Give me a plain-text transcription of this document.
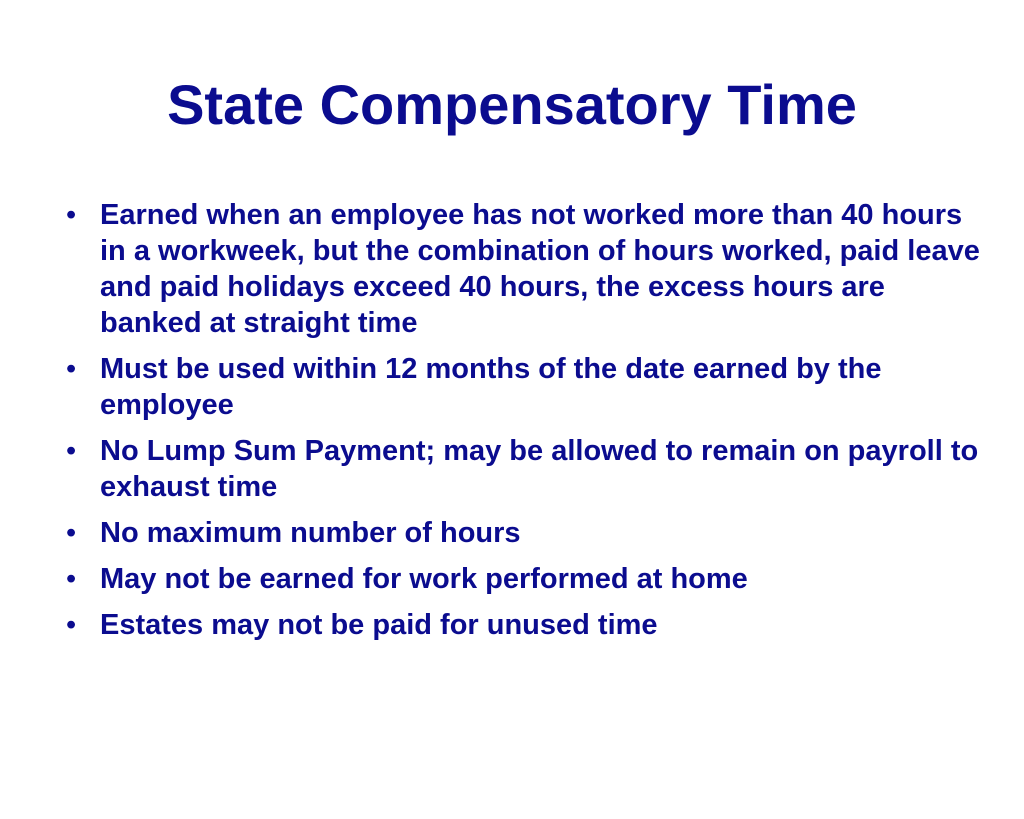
State Compensatory Time
• Earned when an employee has not worked more than 40 hours in a workweek, but the combination of hours worked, paid leave and paid holidays exceed 40 hours, the excess hours are banked at straight time
• Must be used within 12 months of the date earned by the employee
• No Lump Sum Payment; may be allowed to remain on payroll to exhaust time
• No maximum number of hours
• May not be earned for work performed at home
• Estates may not be paid for unused time
